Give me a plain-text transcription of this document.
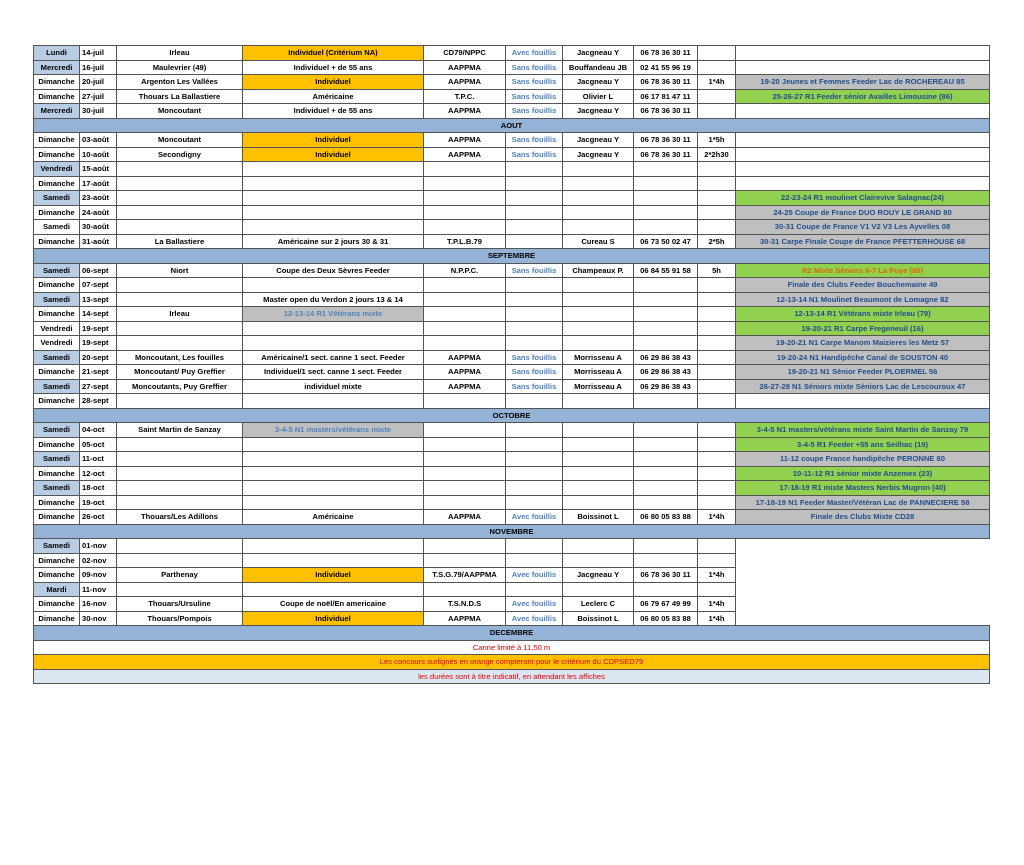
Lundi	14-juil	Irleau	Individuel (Critérium NA)	CD79/NPPC	Avec fouillis	Jacgneau Y	06 78 36 30 11		
Mercredi	16-juil	Maulevrier (49)	Individuel + de 55 ans	AAPPMA	Sans fouillis	Bouffandeau JB	02 41 55 96 19		
Dimanche	20-juil	Argenton Les Vallées	Individuel	AAPPMA	Sans fouillis	Jacgneau Y	06 78 36 30 11	1*4h	19-20 Jeunes et Femmes Feeder Lac de ROCHEREAU 85
Dimanche	27-juil	Thouars La Ballastiere	Américaine	T.P.C.	Sans fouillis	Olivier L	06 17 81 47 11		25-26-27 R1 Feeder sénior Availles Limousine (86)
Mercredi	30-juil	Moncoutant	Individuel + de 55 ans	AAPPMA	Sans fouillis	Jacgneau Y	06 78 36 30 11		
AOUT									
Dimanche	03-août	Moncoutant	Individuel	AAPPMA	Sans fouillis	Jacgneau Y	06 78 36 30 11	1*5h	
Dimanche	10-août	Secondigny	Individuel	AAPPMA	Sans fouillis	Jacgneau Y	06 78 36 30 11	2*2h30	
Vendredi	15-août								
Dimanche	17-août								
Samedi	23-août								22-23-24 R1 moulinet Clairevive Salagnac(24)
Dimanche	24-août								24-25 Coupe de France DUO ROUY LE GRAND 80
Samedi	30-août								30-31 Coupe de France V1 V2 V3 Les Ayvelles 08
Dimanche	31-août	La Ballastiere	Américaine sur 2 jours 30 & 31	T.P.L.B.79		Cureau S	06 73 50 02 47	2*5h	30-31 Carpe Finale Coupe de France PFETTERHOUSE 68
SEPTEMBRE									
Samedi	06-sept	Niort	Coupe des Deux Sèvres Feeder	N.P.P.C.	Sans fouillis	Champeaux P.	06 84 55 91 58	5h	R2 Mixte Séniors 6-7 La Puye (86)
Dimanche	07-sept								Finale des Clubs Feeder Bouchemaine 49
Samedi	13-sept		Master open du Verdon 2 jours 13 & 14						12-13-14 N1 Moulinet Beaumont de Lomagne 82
Dimanche	14-sept	Irleau	12-13-14 R1 Vétérans mixte						12-13-14 R1 Vétérans mixte Irleau (79)
Vendredi	19-sept								19-20-21 R1 Carpe Fregeneuil (16)
Vendredi	19-sept								19-20-21 N1 Carpe Manom Maizieres les Metz 57
Samedi	20-sept	Moncoutant, Les fouilles	Américaine/1 sect. canne 1 sect. Feeder	AAPPMA	Sans fouillis	Morrisseau A	06 29 86 38 43		19-20-24 N1 Handipêche Canal de SOUSTON 40
Dimanche	21-sept	Moncoutant/ Puy Greffier	Individuel/1 sect. canne 1 sect. Feeder	AAPPMA	Sans fouillis	Morrisseau A	06 29 86 38 43		19-20-21 N1 Sénior Feeder PLOERMEL 56
Samedi	27-sept	Moncoutants, Puy Greffier	individuel mixte	AAPPMA	Sans fouillis	Morrisseau A	06 29 86 38 43		26-27-28 N1 Séniors mixte Séniors Lac de Lescouroux 47
Dimanche	28-sept								
OCTOBRE									
Samedi	04-oct	Saint Martin de Sanzay	3-4-5 N1 masters/vétérans mixte						3-4-5 N1 masters/vétérans mixte Saint Martin de Sanzay 79
Dimanche	05-oct								3-4-5 R1 Feeder +55 ans Seilhac (19)
Samedi	11-oct								11-12 coupe France handipêche PERONNE 80
Dimanche	12-oct								10-11-12 R1 sénior mixte Anzemes (23)
Samedi	18-oct								17-18-19 R1 mixte Masters Nerbis Mugron (40)
Dimanche	19-oct								17-18-19 N1 Feeder Master/Vétéran Lac de PANNECIERE 58
Dimanche	26-oct	Thouars/Les Adillons	Américaine	AAPPMA	Avec fouillis	Boissinot L	06 80 05 83 88	1*4h	Finale des Clubs Mixte CD28
NOVEMBRE									
Samedi	01-nov								
Dimanche	02-nov								
Dimanche	09-nov	Parthenay	Individuel	T.S.G.79/AAPPMA	Avec fouillis	Jacgneau Y	06 78 36 30 11	1*4h	
Mardi	11-nov								
Dimanche	16-nov	Thouars/Ursuline	Coupe de noël/En americaine	T.S.N.D.S	Avec fouillis	Leclerc C	06 79 67 49 99	1*4h	
Dimanche	30-nov	Thouars/Pompois	Individuel	AAPPMA	Avec fouillis	Boissinot L	06 80 05 83 88	1*4h	
DECEMBRE									
Canne limité à 11,50 m									
Les concours surlignés en orange compteront pour le critérium du CDPSED79									
les durées sont à titre indicatif, en attendant les affiches									
